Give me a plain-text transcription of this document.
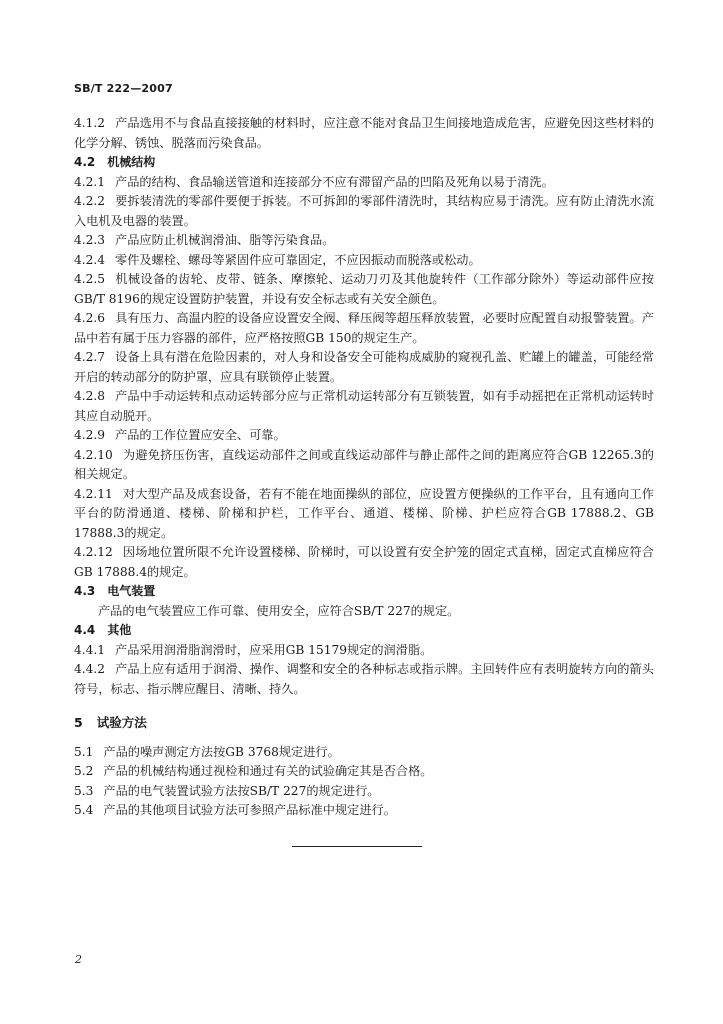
SB/T 222—2007
4.1.2 产品选用不与食品直接接触的材料时，应注意不能对食品卫生间接地造成危害，应避免因这些材料的化学分解、锈蚀、脱落而污染食品。
4.2 机械结构
4.2.1 产品的结构、食品输送管道和连接部分不应有滞留产品的凹陷及死角以易于清洗。
4.2.2 要拆装清洗的零部件要便于拆装。不可拆卸的零部件清洗时，其结构应易于清洗。应有防止清洗水流入电机及电器的装置。
4.2.3 产品应防止机械润滑油、脂等污染食品。
4.2.4 零件及螺栓、螺母等紧固件应可靠固定，不应因振动而脱落或松动。
4.2.5 机械设备的齿轮、皮带、链条、摩擦轮、运动刀刃及其他旋转件（工作部分除外）等运动部件应按GB/T 8196的规定设置防护装置，并设有安全标志或有关安全颜色。
4.2.6 具有压力、高温内腔的设备应设置安全阀、释压阀等超压释放装置，必要时应配置自动报警装置。产品中若有属于压力容器的部件，应严格按照GB 150的规定生产。
4.2.7 设备上具有潜在危险因素的，对人身和设备安全可能构成威胁的窥视孔盖、贮罐上的罐盖，可能经常开启的转动部分的防护罩，应具有联锁停止装置。
4.2.8 产品中手动运转和点动运转部分应与正常机动运转部分有互锁装置，如有手动摇把在正常机动运转时其应自动脱开。
4.2.9 产品的工作位置应安全、可靠。
4.2.10 为避免挤压伤害，直线运动部件之间或直线运动部件与静止部件之间的距离应符合GB 12265.3的相关规定。
4.2.11 对大型产品及成套设备，若有不能在地面操纵的部位，应设置方便操纵的工作平台，且有通向工作平台的防滑通道、楼梯、阶梯和护栏，工作平台、通道、楼梯、阶梯、护栏应符合GB 17888.2、GB 17888.3的规定。
4.2.12 因场地位置所限不允许设置楼梯、阶梯时，可以设置有安全护笼的固定式直梯，固定式直梯应符合GB 17888.4的规定。
4.3 电气装置
产品的电气装置应工作可靠、使用安全，应符合SB/T 227的规定。
4.4 其他
4.4.1 产品采用润滑脂润滑时，应采用GB 15179规定的润滑脂。
4.4.2 产品上应有适用于润滑、操作、调整和安全的各种标志或指示牌。主回转件应有表明旋转方向的箭头符号，标志、指示牌应醒目、清晰、持久。
5 试验方法
5.1 产品的噪声测定方法按GB 3768规定进行。
5.2 产品的机械结构通过视检和通过有关的试验确定其是否合格。
5.3 产品的电气装置试验方法按SB/T 227的规定进行。
5.4 产品的其他项目试验方法可参照产品标准中规定进行。
2
